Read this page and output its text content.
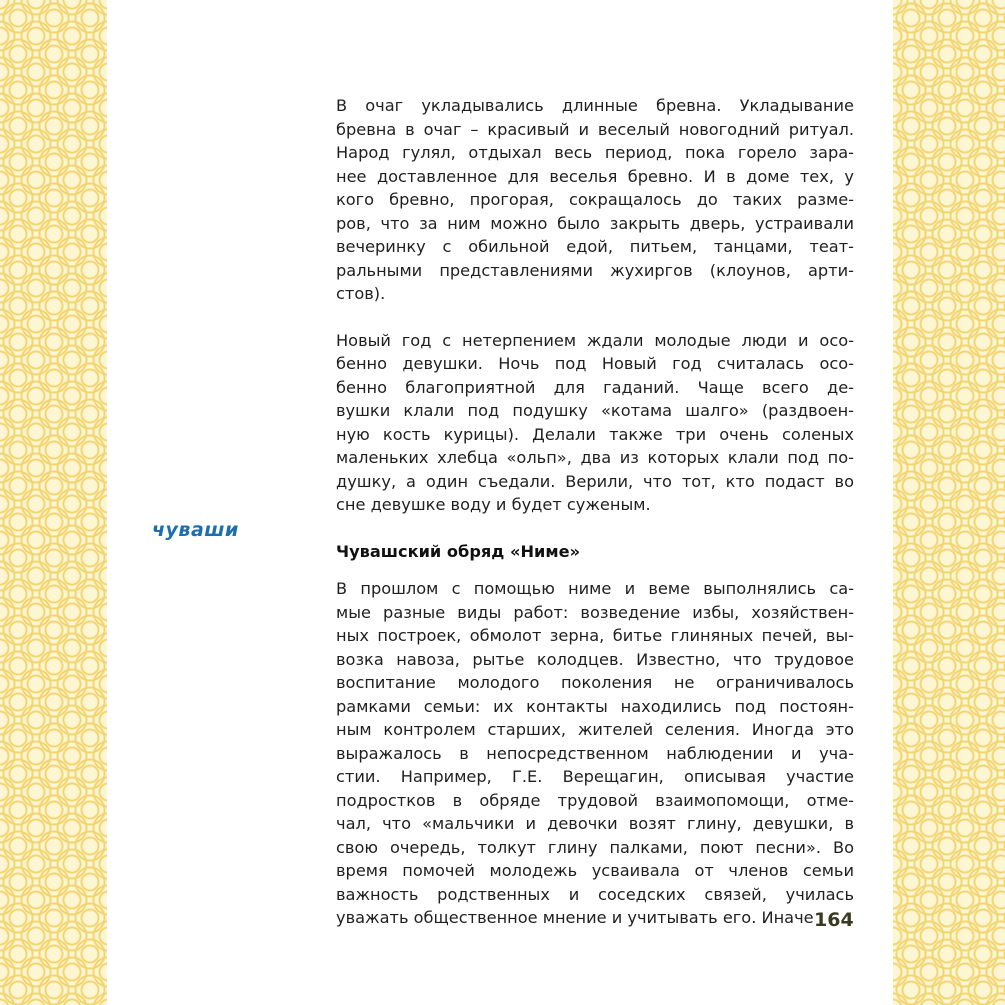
чуваши

В очаг укладывались длинные бревна. Укладывание
бревна в очаг – красивый и веселый новогодний ритуал.
Народ гулял, отдыхал весь период, пока горело зара-
нее доставленное для веселья бревно. И в доме тех, у
кого бревно, прогорая, сокращалось до таких разме-
ров, что за ним можно было закрыть дверь, устраивали
вечеринку с обильной едой, питьем, танцами, теат-
ральными представлениями жухиргов (клоунов, арти-
стов).

Новый год с нетерпением ждали молодые люди и осо-
бенно девушки. Ночь под Новый год считалась осо-
бенно благоприятной для гаданий. Чаще всего де-
вушки клали под подушку «котама шалго» (раздвоен-
ную кость курицы). Делали также три очень соленых
маленьких хлебца «ольп», два из которых клали под по-
душку, а один съедали. Верили, что тот, кто подаст во
сне девушке воду и будет суженым.

Чувашский обряд «Ниме»

В прошлом с помощью ниме и веме выполнялись са-
мые разные виды работ: возведение избы, хозяйствен-
ных построек, обмолот зерна, битье глиняных печей, вы-
возка навоза, рытье колодцев. Известно, что трудовое
воспитание молодого поколения не ограничивалось
рамками семьи: их контакты находились под постоян-
ным контролем старших, жителей селения. Иногда это
выражалось в непосредственном наблюдении и уча-
стии. Например, Г.Е. Верещагин, описывая участие
подростков в обряде трудовой взаимопомощи, отме-
чал, что «мальчики и девочки возят глину, девушки, в
свою очередь, толкут глину палками, поют песни». Во
время помочей молодежь усваивала от членов семьи
важность родственных и соседских связей, училась
уважать общественное мнение и учитывать его. Иначе 164
